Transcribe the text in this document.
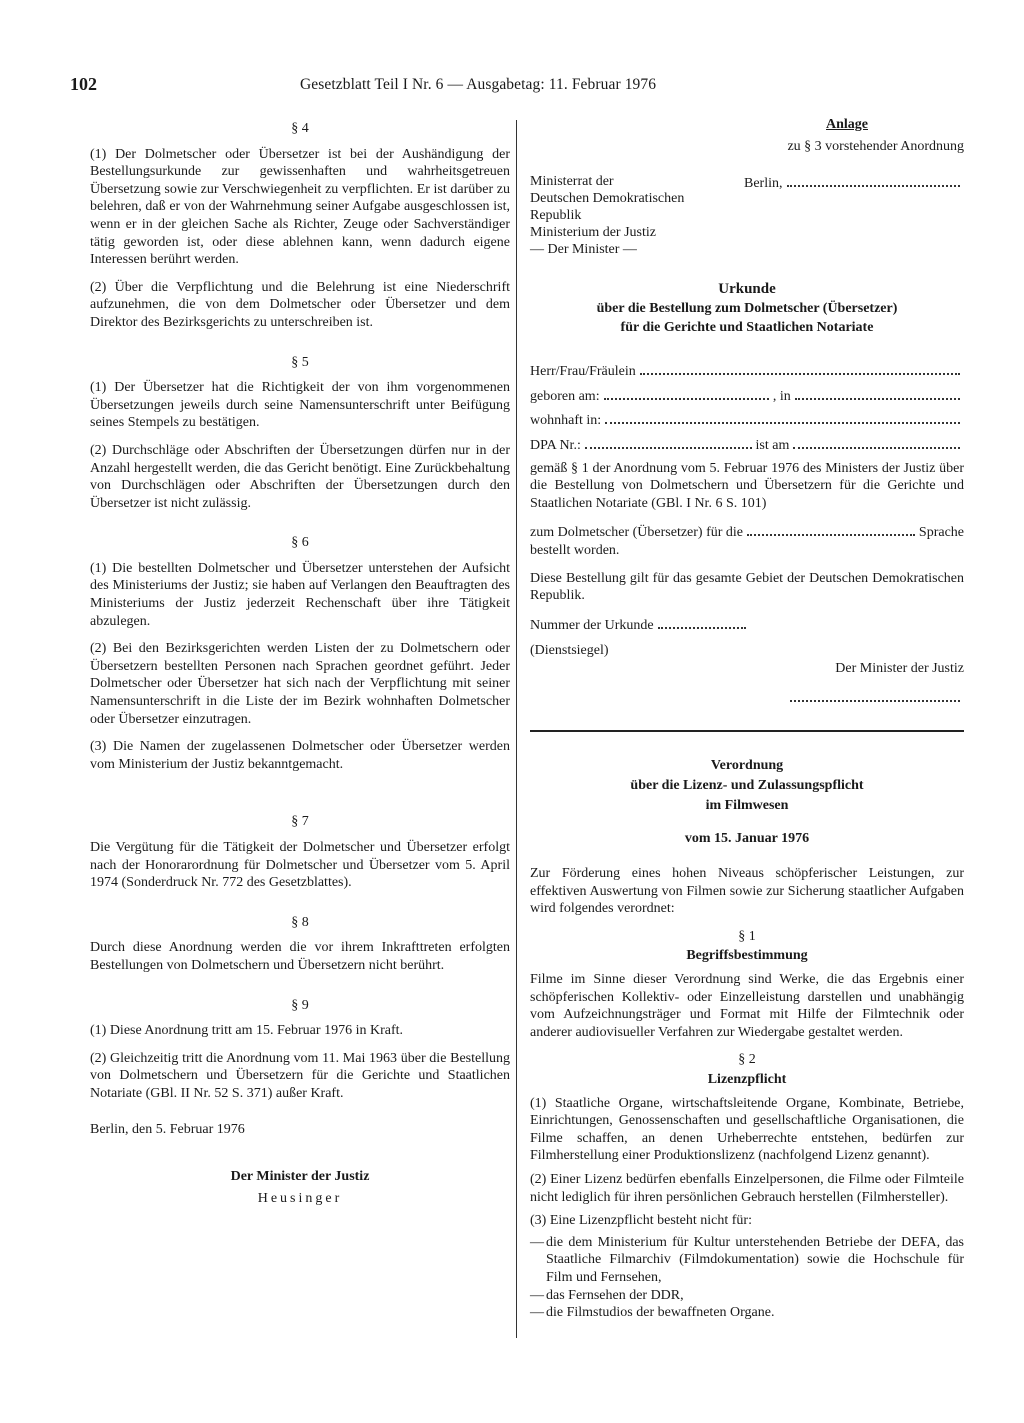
102	Gesetzblatt Teil I Nr. 6 — Ausgabetag: 11. Februar 1976
§ 4

(1) Der Dolmetscher oder Übersetzer ist bei der Aushändigung der Bestellungsurkunde zur gewissenhaften und wahrheitsgetreuen Übersetzung sowie zur Verschwiegenheit zu verpflichten. Er ist darüber zu belehren, daß er von der Wahrnehmung seiner Aufgabe ausgeschlossen ist, wenn er in der gleichen Sache als Richter, Zeuge oder Sachverständiger tätig geworden ist, oder diese ablehnen kann, wenn dadurch eigene Interessen berührt werden.

(2) Über die Verpflichtung und die Belehrung ist eine Niederschrift aufzunehmen, die von dem Dolmetscher oder Übersetzer und dem Direktor des Bezirksgerichts zu unterschreiben ist.

§ 5

(1) Der Übersetzer hat die Richtigkeit der von ihm vorgenommenen Übersetzungen jeweils durch seine Namensunterschrift unter Beifügung seines Stempels zu bestätigen.

(2) Durchschläge oder Abschriften der Übersetzungen dürfen nur in der Anzahl hergestellt werden, die das Gericht benötigt. Eine Zurückbehaltung von Durchschlägen oder Abschriften der Übersetzungen durch den Übersetzer ist nicht zulässig.

§ 6

(1) Die bestellten Dolmetscher und Übersetzer unterstehen der Aufsicht des Ministeriums der Justiz; sie haben auf Verlangen den Beauftragten des Ministeriums der Justiz jederzeit Rechenschaft über ihre Tätigkeit abzulegen.

(2) Bei den Bezirksgerichten werden Listen der zu Dolmetschern oder Übersetzern bestellten Personen nach Sprachen geordnet geführt. Jeder Dolmetscher oder Übersetzer hat sich nach der Verpflichtung mit seiner Namensunterschrift in die Liste der im Bezirk wohnhaften Dolmetscher oder Übersetzer einzutragen.

(3) Die Namen der zugelassenen Dolmetscher oder Übersetzer werden vom Ministerium der Justiz bekanntgemacht.

§ 7

Die Vergütung für die Tätigkeit der Dolmetscher und Übersetzer erfolgt nach der Honorarordnung für Dolmetscher und Übersetzer vom 5. April 1974 (Sonderdruck Nr. 772 des Gesetzblattes).

§ 8

Durch diese Anordnung werden die vor ihrem Inkrafttreten erfolgten Bestellungen von Dolmetschern und Übersetzern nicht berührt.

§ 9

(1) Diese Anordnung tritt am 15. Februar 1976 in Kraft.

(2) Gleichzeitig tritt die Anordnung vom 11. Mai 1963 über die Bestellung von Dolmetschern und Übersetzern für die Gerichte und Staatlichen Notariate (GBl. II Nr. 52 S. 371) außer Kraft.

Berlin, den 5. Februar 1976

Der Minister der Justiz
Heusinger
Anlage
zu § 3 vorstehender Anordnung
Ministerrat der
Deutschen Demokratischen
Republik
Ministerium der Justiz
— Der Minister —
Berlin,
Urkunde
über die Bestellung zum Dolmetscher (Übersetzer)
für die Gerichte und Staatlichen Notariate
Herr/Frau/Fräulein
geboren am:	, in
wohnhaft in:
DPA Nr.:	ist am

gemäß § 1 der Anordnung vom 5. Februar 1976 des Ministers der Justiz über die Bestellung von Dolmetschern und Übersetzern für die Gerichte und Staatlichen Notariate (GBl. I Nr. 6 S. 101)

zum Dolmetscher (Übersetzer) für die	Sprache

bestellt worden.

Diese Bestellung gilt für das gesamte Gebiet der Deutschen Demokratischen Republik.

Nummer der Urkunde
(Dienstsiegel)
Der Minister der Justiz
Verordnung
über die Lizenz- und Zulassungspflicht
im Filmwesen
vom 15. Januar 1976

Zur Förderung eines hohen Niveaus schöpferischer Leistungen, zur effektiven Auswertung von Filmen sowie zur Sicherung staatlicher Aufgaben wird folgendes verordnet:

§ 1
Begriffsbestimmung

Filme im Sinne dieser Verordnung sind Werke, die das Ergebnis einer schöpferischen Kollektiv- oder Einzelleistung darstellen und unabhängig vom Aufzeichnungsträger und Format mit Hilfe der Filmtechnik oder anderer audiovisueller Verfahren zur Wiedergabe gestaltet werden.

§ 2
Lizenzpflicht

(1) Staatliche Organe, wirtschaftsleitende Organe, Kombinate, Betriebe, Einrichtungen, Genossenschaften und gesellschaftliche Organisationen, die Filme schaffen, an denen Urheberrechte entstehen, bedürfen zur Filmherstellung einer Produktionslizenz (nachfolgend Lizenz genannt).

(2) Einer Lizenz bedürfen ebenfalls Einzelpersonen, die Filme oder Filmteile nicht lediglich für ihren persönlichen Gebrauch herstellen (Filmhersteller).

(3) Eine Lizenzpflicht besteht nicht für:

— die dem Ministerium für Kultur unterstehenden Betriebe der DEFA, das Staatliche Filmarchiv (Filmdokumentation) sowie die Hochschule für Film und Fernsehen,
— das Fernsehen der DDR,
— die Filmstudios der bewaffneten Organe.
